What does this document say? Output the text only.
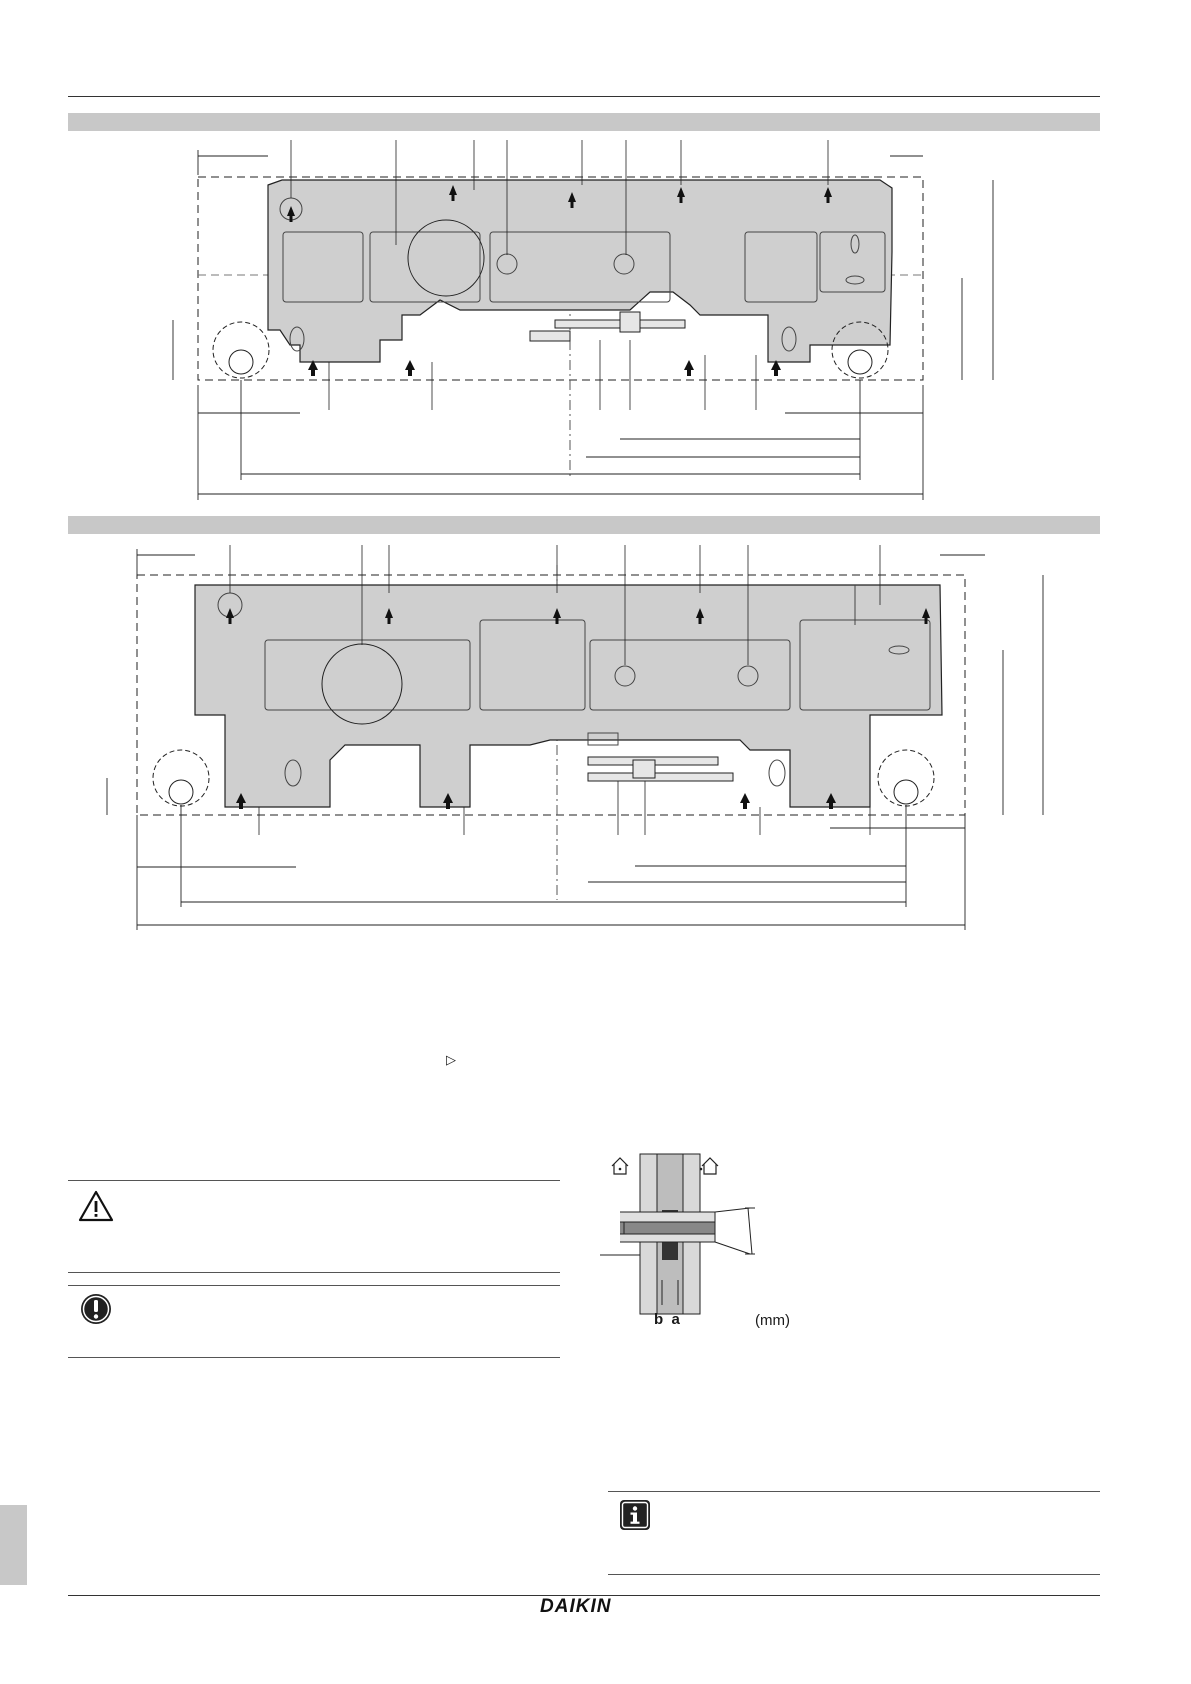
▷
b a	(mm)
DAIKIN
